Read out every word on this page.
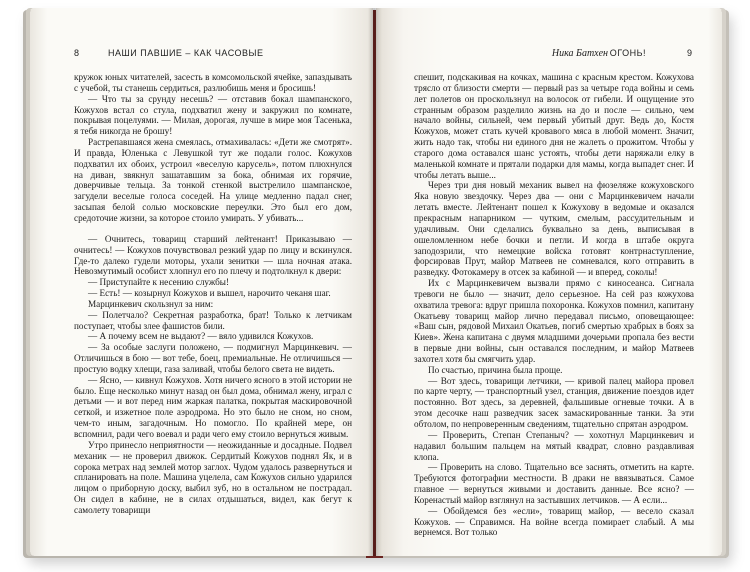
8	НАШИ ПАВШИЕ – КАК ЧАСОВЫЕ

кружок юных читателей, засесть в комсомольской ячейке, запаздывать с учебой, ты станешь сердиться, разлюбишь меня и бросишь!

— Что ты за срунду несешь? — отставив бокал шампанского, Кожухов встал со стула, подхватил жену и закружил по комнате, покрывая поцелуями. — Милая, дорогая, лучше в мире моя Тасенька, я тебя никогда не брошу!

Растрепавшаяся жена смеялась, отмахивалась: «Дети же смотрят». И правда, Юленька с Левушкой тут же подали голос. Кожухов подхватил их обоих, устроил «веселую карусель», потом плюхнулся на диван, звякнул зашатавшим за бока, обнимая их горячие, доверчивые тельца. За тонкой стенкой выстрелило шампанское, загудели веселые голоса соседей. На улице медленно падал снег, засыпая белой солью московские переулки. Это был его дом, средоточие жизни, за которое стоило умирать. У убивать...

— Очнитесь, товарищ старший лейтенант! Приказываю — очнитесь! — Кожухов почувствовал резкий удар по лицу и вскинулся. Где-то далеко гудели моторы, ухали зенитки — шла ночная атака. Невозмутимый особист хлопнул его по плечу и подтолкнул к двери:

— Приступайте к несению службы!

— Есть! — козырнул Кожухов и вышел, нарочито чеканя шаг.

Марцинкевич скользнул за ним:

— Полетчало? Секретная разработка, брат! Только к летчикам поступает, чтобы злее фашистов били.

— А почему всем не выдают? — вяло удивился Кожухов.

— За особые заслуги положено, — подмигнул Марцинкевич. — Отличишься в бою — вот тебе, боец, премиальные. Не отличишься — простую водку хлещи, газа заливай, чтобы белого света не видеть.

— Ясно, — кивнул Кожухов. Хотя ничего ясного в этой истории не было. Еще несколько минут назад он был дома, обнимал жену, играл с детьми — и вот перед ним жаркая палатка, покрытая маскировочной сеткой, и изжетное поле аэродрома. Но это было не сном, но сном, чем-то иным, загадочным. Но помогло. По крайней мере, он вспомнил, ради чего воевал и ради чего ему стоило вернуться живым.

Утро принесло неприятности — неожиданные и досадные. Подвел механик — не проверил движок. Сердитый Кожухов поднял Як, и в сорока метрах над землей мотор заглох. Чудом удалось развернуться и спланировать на поле. Машина уцелела, сам Кожухов сильно ударился лицом о приборную доску, выбил зуб, но в остальном не пострадал. Он сидел в кабине, не в силах отдышаться, видел, как бегут к самолету товарищи

Ника Батхен ОГОНЬ!	9

спешит, подскакивая на кочках, машина с красным крестом. Кожухова трясло от близости смерти — первый раз за четыре года войны и семь лет полетов он проскользнул на волосок от гибели. И ощущение это странным образом разделило жизнь на до и после — сильно, чем начало войны, сильней, чем первый убитый друг. Ведь до, Костя Кожухов, может стать кучей кровавого мяса в любой момент. Значит, жить надо так, чтобы ни единого дня не жалеть о прожитом. Чтобы у старого дома оставался шанс устоять, чтобы дети наряжали елку в маленькой комнате и прятали подарки для мамы, когда выпадет снег. И чтобы летать выше...

Через три дня новый механик вывел на фюзеляже кожуховского Яка новую звездочку. Через два — они с Марцинкевичем начали летать вместе. Лейтенант пошел к Кожухову в ведомые и оказался прекрасным напарником — чутким, смелым, рассудительным и удачливым. Они сделались буквально за день, выписывая в ошеломленном небе бочки и петли. И когда в штабе округа заподозрили, что немецкие войска готовят контрнаступление, форсировав Прут, майор Матвеев не сомневался, кого отправить в разведку. Фотокамеру в отсек за кабиной — и вперед, соколы!

Их с Марцинкевичем вызвали прямо с киносеанса. Сигнала тревоги не было — значит, дело серьезное. На сей раз кожухова охватила тревога: вдруг пришла похоронка. Кожухов помнил, капитану Окатьеву товарищ майор лично передавал письмо, оповещающее: «Ваш сын, рядовой Михаил Окатьев, погиб смертью храбрых в боях за Киев». Жена капитана с двумя младшими дочерьми пропала без вести в первые дни войны, сын оставался последним, и майор Матвеев захотел хотя бы смягчить удар.

По счастью, причина была проще.

— Вот здесь, товарищи летчики, — кривой палец майора провел по карте черту, — транспортный узел, станция, движение поездов идет постоянно. Вот здесь, за деревней, фальшивые огневые точки. А в этом десочке наш разведчик засек замаскированные танки. За эти обтолом, по непроверенным сведениям, тщательно спрятан аэродром.

— Проверить, Степан Степаныч? — хохотнул Марцинкевич и надавил большим пальцем на мятый квадрат, словно раздавливая клопа.

— Проверить на слово. Тщательно все заснять, отметить на карте. Требуются фотографии местности. В драки не ввязываться. Самое главное — вернуться живыми и доставить данные. Все ясно? — Коренастый майор взглянул на застывших летчиков. — А если...

— Обойдемся без «если», товарищ майор, — весело сказал Кожухов. — Справимся. На войне всегда помирает слабый. А мы вернемся. Вот только
